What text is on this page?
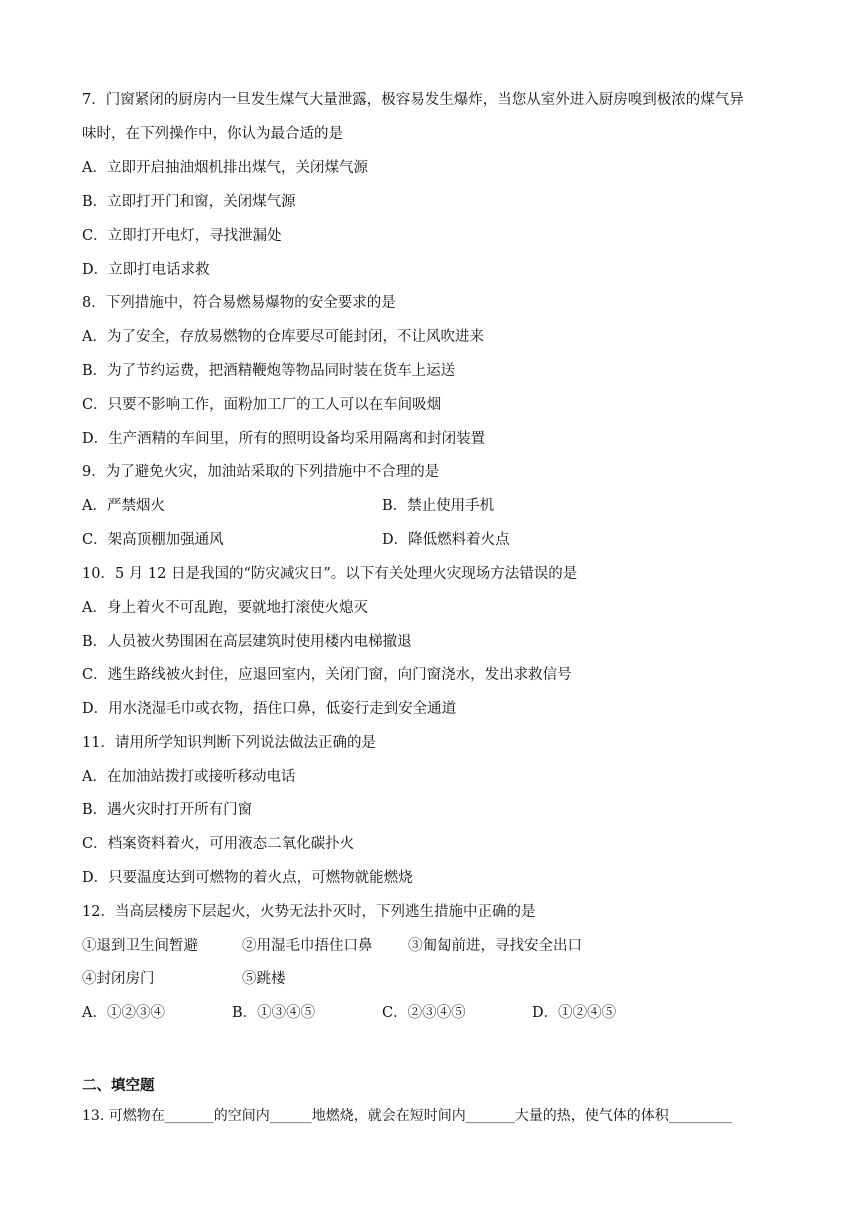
7．门窗紧闭的厨房内一旦发生煤气大量泄露，极容易发生爆炸，当您从室外进入厨房嗅到极浓的煤气异
味时，在下列操作中，你认为最合适的是
A．立即开启抽油烟机排出煤气，关闭煤气源
B．立即打开门和窗，关闭煤气源
C．立即打开电灯，寻找泄漏处
D．立即打电话求救
8．下列措施中，符合易燃易爆物的安全要求的是
A．为了安全，存放易燃物的仓库要尽可能封闭，不让风吹进来
B．为了节约运费，把酒精鞭炮等物品同时装在货车上运送
C．只要不影响工作，面粉加工厂的工人可以在车间吸烟
D．生产酒精的车间里，所有的照明设备均采用隔离和封闭装置
9．为了避免火灾，加油站采取的下列措施中不合理的是
A．严禁烟火	B．禁止使用手机
C．架高顶棚加强通风	D．降低燃料着火点
10．5 月 12 日是我国的“防灾减灾日”。以下有关处理火灾现场方法错误的是
A．身上着火不可乱跑，要就地打滚使火熄灭
B．人员被火势围困在高层建筑时使用楼内电梯撤退
C．逃生路线被火封住，应退回室内，关闭门窗，向门窗浇水，发出求救信号
D．用水浇湿毛巾或衣物，捂住口鼻，低姿行走到安全通道
11．请用所学知识判断下列说法做法正确的是
A．在加油站拨打或接听移动电话
B．遇火灾时打开所有门窗
C．档案资料着火，可用液态二氧化碳扑火
D．只要温度达到可燃物的着火点，可燃物就能燃烧
12．当高层楼房下层起火，火势无法扑灭时，下列逃生措施中正确的是
①退到卫生间暂避	②用湿毛巾捂住口鼻 ③匍匐前进，寻找安全出口
④封闭房门	⑤跳楼
A．①②③④	B．①③④⑤	C．②③④⑤	D．①②④⑤
二、填空题
13. 可燃物在_______的空间内______地燃烧，就会在短时间内_______大量的热，使气体的体积_________
